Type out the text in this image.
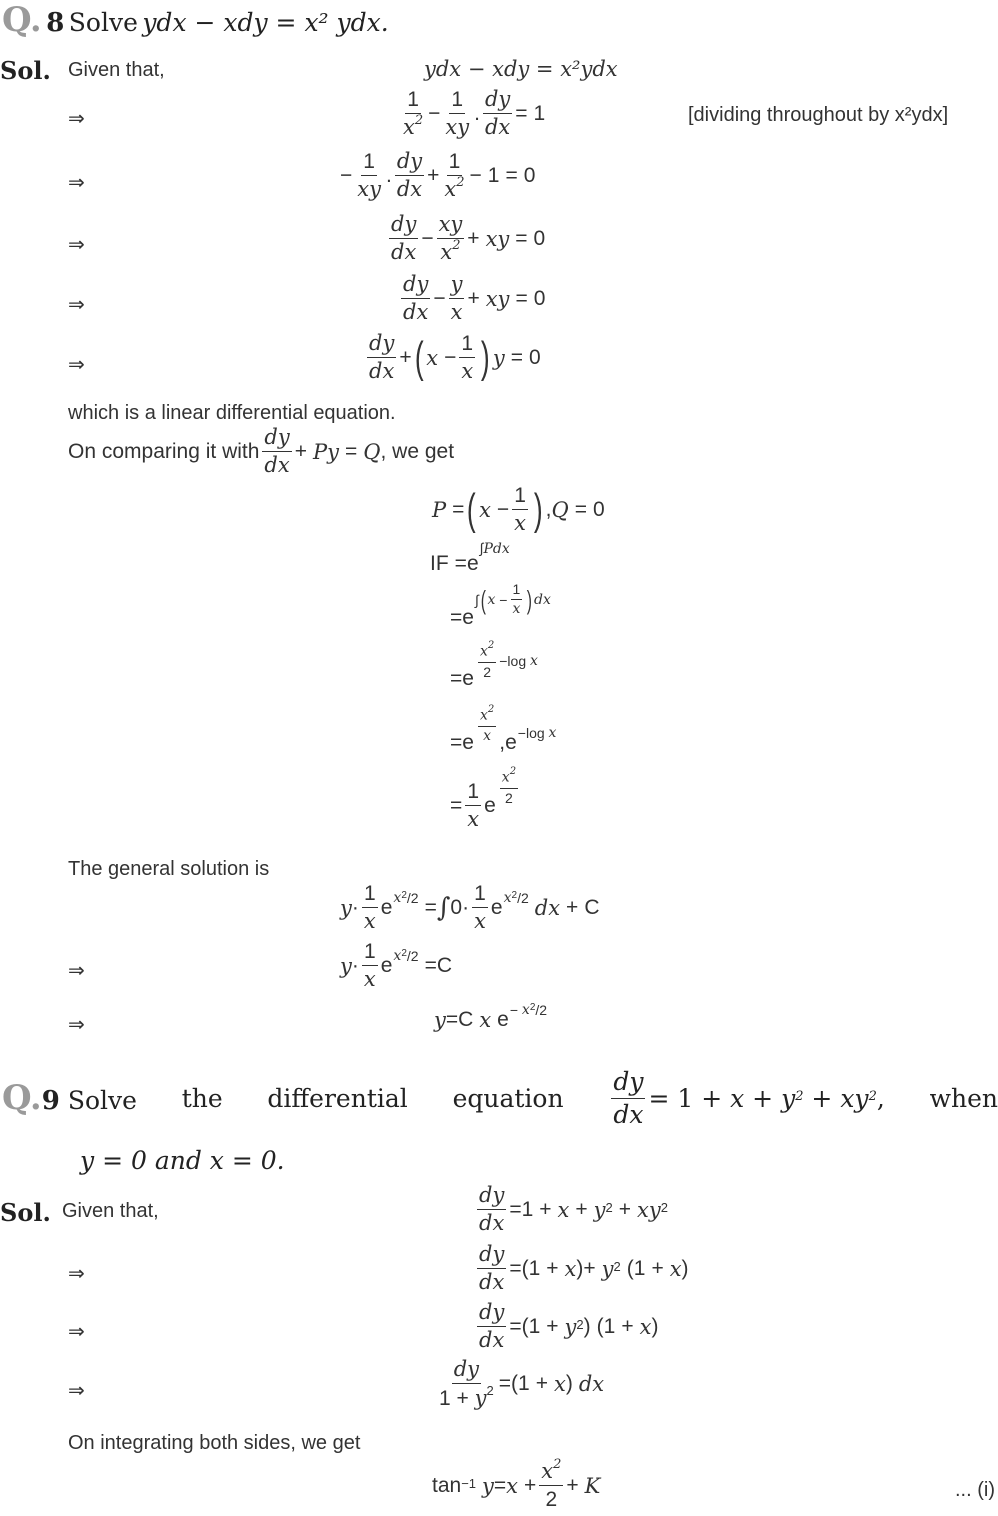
Q. 8 Solve ydx − xdy = x² ydx.
Sol. Given that,	ydx − xdy = x²ydx
⇒	$\frac{1}{x^2} - \frac{1}{xy}$ . $\frac{dy}{dx} = 1$	[dividing throughout by x²ydx]
⇒	− $\frac{1}{xy}$ . $\frac{dy}{dx} + \frac{1}{x^2} - 1 = 0$
⇒	$\frac{dy}{dx} - \frac{xy}{x^2}$ + xy = 0
⇒	$\frac{dy}{dx} - \frac{y}{x}$ + xy = 0
⇒	$\frac{dy}{dx}$ + ( $x - \frac{1}{x}$ ) y = 0
which is a linear differential equation.
On comparing it with $\frac{dy}{dx} + Py = Q$ , we get
P = ( $x - \frac{1}{x}$ ) , Q = 0
IF = e
∫Pdx
= e
∫ ( x
− $\frac{1}{x}$ ) dx
= e $\frac{x^2}{2} - \log$
x
= e $\frac{x^2}{x}$ , e − log
x
= $\frac{1}{x}$ e $\frac{x^2}{2}$
The general solution is
$y \cdot \frac{1}{x}$ e x 2 /2 = ∫ $0 \cdot \frac{1}{x}$ e x 2 /2 dx + C
⇒	$y \cdot \frac{1}{x}$ e x 2 /2 = C
⇒	y = C x e −
x 2 /2
Q.9 Solve the differential equation $\frac{dy}{dx} = 1 + x + y$ 2 + xy 2 , when
y = 0 and x = 0.
Sol. Given that,	$\frac{dy}{dx} = 1 + x + y$ 2 + xy 2
⇒	$\frac{dy}{dx}$ = ( 1 + x ) + y 2 ( 1 + x )
⇒	$\frac{dy}{dx}$ = ( 1 + y 2 ) ( 1 + x )
⇒	$\frac{dy}{1 + y^2}$ = ( 1 + x ) dx
On integrating both sides, we get
tan −1 $y = x + \frac{x^2}{2} + K$	... (i)
